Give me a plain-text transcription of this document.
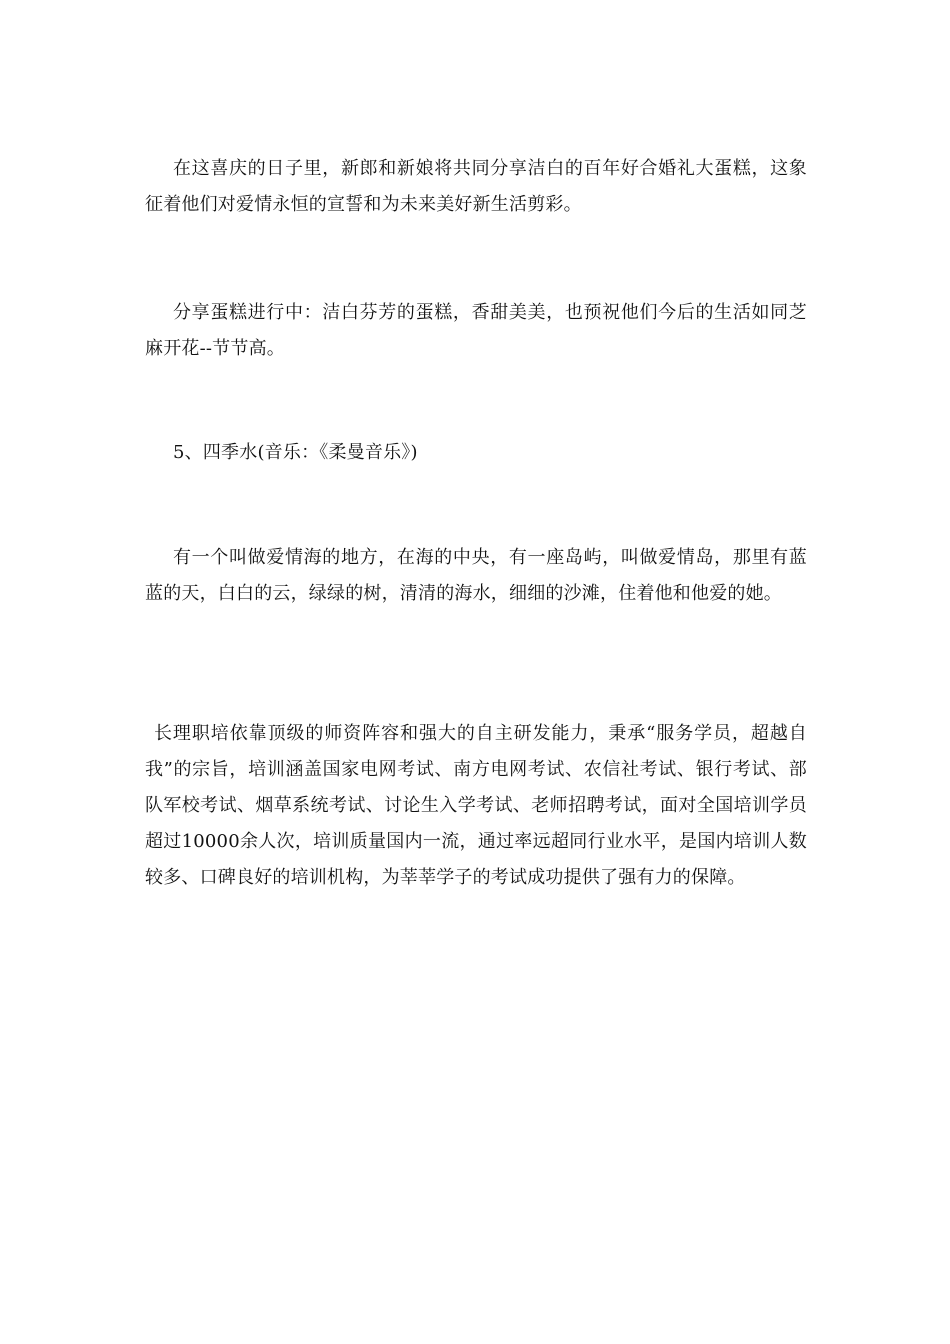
在这喜庆的日子里，新郎和新娘将共同分享洁白的百年好合婚礼大蛋糕，这象征着他们对爱情永恒的宣誓和为未来美好新生活剪彩。

分享蛋糕进行中：洁白芬芳的蛋糕，香甜美美，也预祝他们今后的生活如同芝麻开花--节节高。

5、四季水(音乐：《柔曼音乐》)

有一个叫做爱情海的地方，在海的中央，有一座岛屿，叫做爱情岛，那里有蓝蓝的天，白白的云，绿绿的树，清清的海水，细细的沙滩，住着他和他爱的她。

长理职培依靠顶级的师资阵容和强大的自主研发能力，秉承“服务学员，超越自我”的宗旨，培训涵盖国家电网考试、南方电网考试、农信社考试、银行考试、部队军校考试、烟草系统考试、讨论生入学考试、老师招聘考试，面对全国培训学员超过10000余人次，培训质量国内一流，通过率远超同行业水平，是国内培训人数较多、口碑良好的培训机构，为莘莘学子的考试成功提供了强有力的保障。
